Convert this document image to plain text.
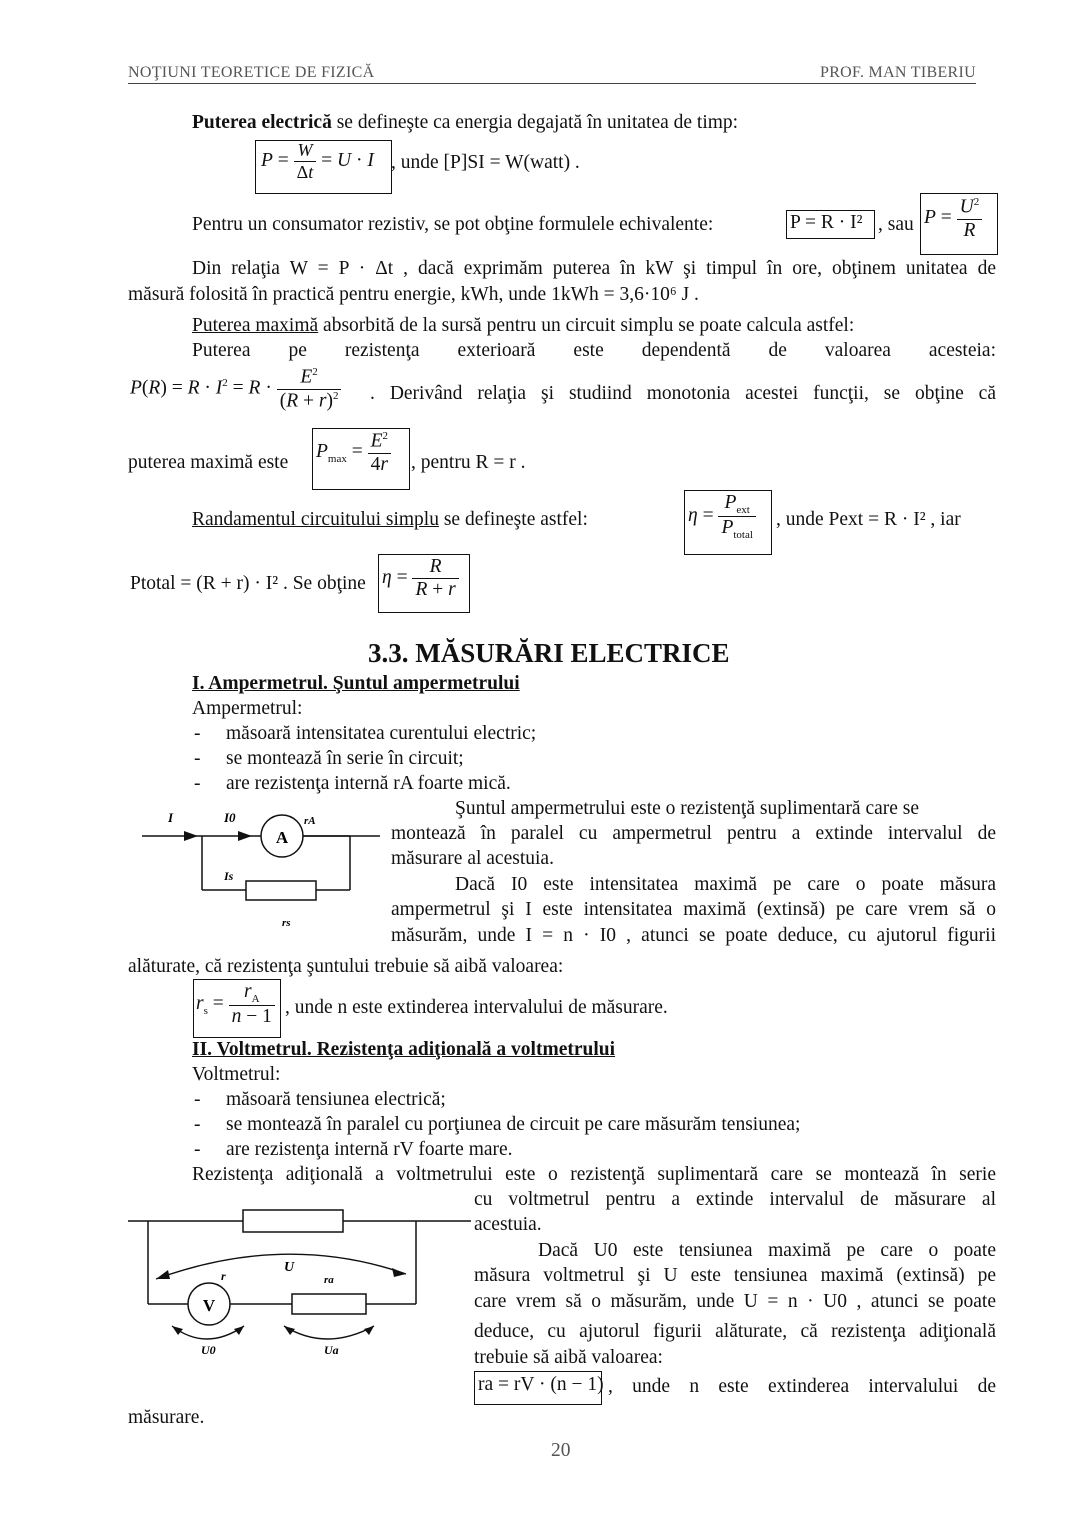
NOŢIUNI TEORETICE DE FIZICĂ	PROF. MAN TIBERIU
Puterea electrică se defineşte ca energia degajată în unitatea de timp:
$P = \frac{W}{\Delta t} = U \cdot I$ , unde [P]SI = W(watt) .
Pentru un consumator rezistiv, se pot obţine formulele echivalente:	P = R · I² , sau $P = \frac{U^2}{R}$
Din relaţia W = P · Δt , dacă exprimăm puterea în kW şi timpul în ore, obţinem unitatea de
măsură folosită în practică pentru energie, kWh, unde 1kWh = 3,6·10⁶ J .
Puterea maximă absorbită de la sursă pentru un circuit simplu se poate calcula astfel:
Puterea pe rezistenţa exterioară este dependentă de valoarea acesteia:
$P(R) = R \cdot I^2 = R \cdot \frac{E^2}{(R + r)^2}$ . Derivând relaţia şi studiind monotonia acestei funcţii, se obţine că
puterea maximă este
$P_{max} = \frac{E^2}{4r}$ , pentru R = r .
Randamentul circuitului simplu se defineşte astfel:	$\eta = \frac{P_{ext}}{P_{total}}$ , unde Pext = R · I² , iar
Ptotal = (R + r) · I² . Se obţine $\eta = \frac{R}{R + r}$
3.3. MĂSURĂRI ELECTRICE
I. Ampermetrul. Şuntul ampermetrului
Ampermetrul:
- măsoară intensitatea curentului electric;
- se montează în serie în circuit;
- are rezistenţa internă rA foarte mică.
A
I	I0	rA
Is
rs
Şuntul ampermetrului este o rezistenţă suplimentară care se
montează în paralel cu ampermetrul pentru a extinde intervalul de
măsurare al acestuia.
Dacă I0 este intensitatea maximă pe care o poate măsura
ampermetrul şi I este intensitatea maximă (extinsă) pe care vrem să o
măsurăm, unde I = n · I0 , atunci se poate deduce, cu ajutorul figurii
alăturate, că rezistenţa şuntului trebuie să aibă valoarea:
$r_s = \frac{r_A}{n - 1}$ , unde n este extinderea intervalului de măsurare.
II. Voltmetrul. Rezistenţa adiţională a voltmetrului
Voltmetrul:
- măsoară tensiunea electrică;
- se montează în paralel cu porţiunea de circuit pe care măsurăm tensiunea;
- are rezistenţa internă rV foarte mare.
Rezistenţa adiţională a voltmetrului este o rezistenţă suplimentară care se montează în serie
cu voltmetrul pentru a extinde intervalul de măsurare al
acestuia.
Dacă U0 este tensiunea maximă pe care o poate
măsura voltmetrul şi U este tensiunea maximă (extinsă) pe
care vrem să o măsurăm, unde U = n · U0 , atunci se poate
deduce, cu ajutorul figurii alăturate, că rezistenţa adiţională
trebuie să aibă valoarea:
V
U
r	ra
U0	Ua
ra = rV · (n − 1) , unde n este extinderea intervalului de
măsurare.
20
